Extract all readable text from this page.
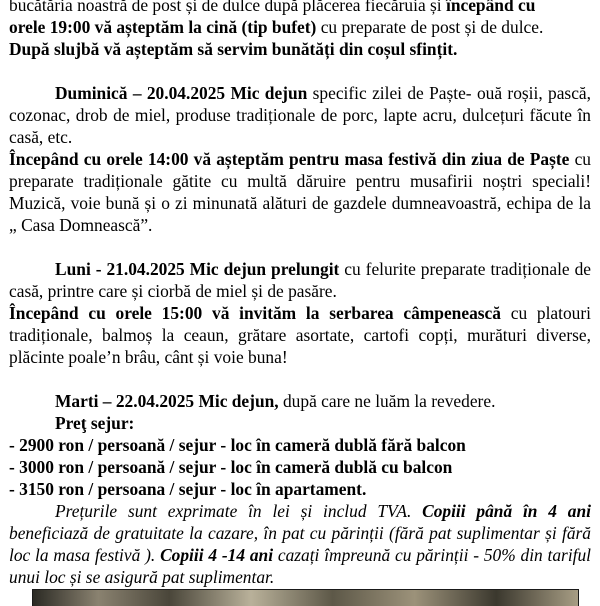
bucătăria noastră de post și de dulce după plăcerea fiecăruia și începând cu
orele 19:00 vă așteptăm la cină (tip bufet) cu preparate de post și de dulce.

După slujbă vă așteptăm să servim bunătăți din coșul sfințit.

Duminică – 20.04.2025 Mic dejun specific zilei de Paște- ouă roșii, pască, cozonac, drob de miel, produse tradiționale de porc, lapte acru, dulcețuri făcute în casă, etc.

Începând cu orele 14:00 vă așteptăm pentru masa festivă din ziua de Paște cu preparate tradiționale gătite cu multă dăruire pentru musafirii noștri speciali! Muzică, voie bună și o zi minunată alături de gazdele dumneavoastră, echipa de la „ Casa Domnească”.

Luni - 21.04.2025 Mic dejun prelungit cu felurite preparate tradiționale de casă, printre care și ciorbă de miel și de pasăre.

Începând cu orele 15:00 vă invităm la serbarea câmpenească cu platouri tradiționale, balmoș la ceaun, grătare asortate, cartofi copți, murături diverse, plăcinte poale’n brâu, cânt și voie buna!

Marti – 22.04.2025 Mic dejun, după care ne luăm la revedere.

Preţ sejur:

- 2900 ron / persoană / sejur - loc în cameră dublă fără balcon

- 3000 ron / persoană / sejur - loc în cameră dublă cu balcon

- 3150 ron / persoana / sejur - loc în apartament.

Prețurile sunt exprimate în lei și includ TVA. Copiii până în 4 ani beneficiază de gratuitate la cazare, în pat cu părinții (fără pat suplimentar și fără loc la masa festivă ). Copiii 4 -14 ani cazați împreună cu părinții - 50% din tariful unui loc și se asigură pat suplimentar.
